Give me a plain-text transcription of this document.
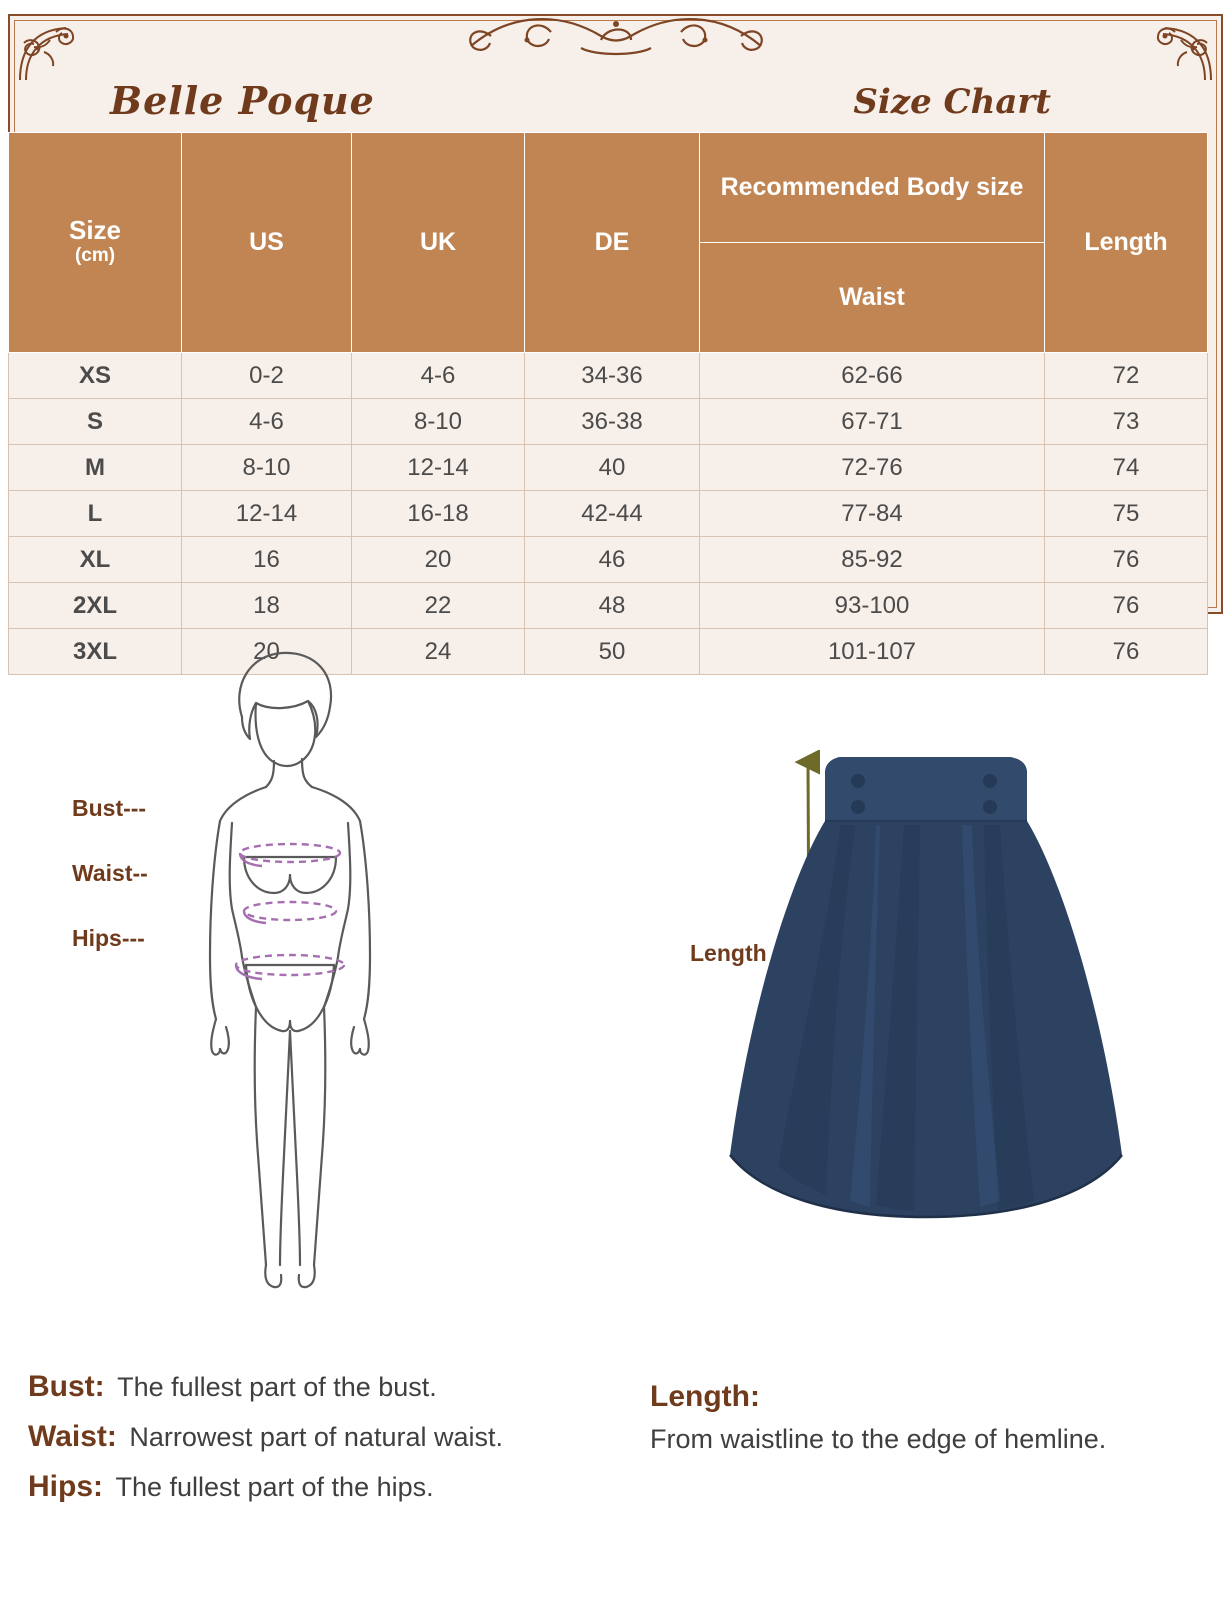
Belle Poque	Size Chart
Size
(cm)	US	UK	DE	Recommended Body size	Length
				Waist	
XS	0-2	4-6	34-36	62-66	72
S	4-6	8-10	36-38	67-71	73
M	8-10	12-14	40	72-76	74
L	12-14	16-18	42-44	77-84	75
XL	16	20	46	85-92	76
2XL	18	22	48	93-100	76
3XL	20	24	50	101-107	76
Bust---
Waist--
Hips---
Length
Bust: The fullest part of the bust.
Waist: Narrowest part of natural waist.
Hips: The fullest part of the hips.
Length:
From waistline to the edge of hemline.
